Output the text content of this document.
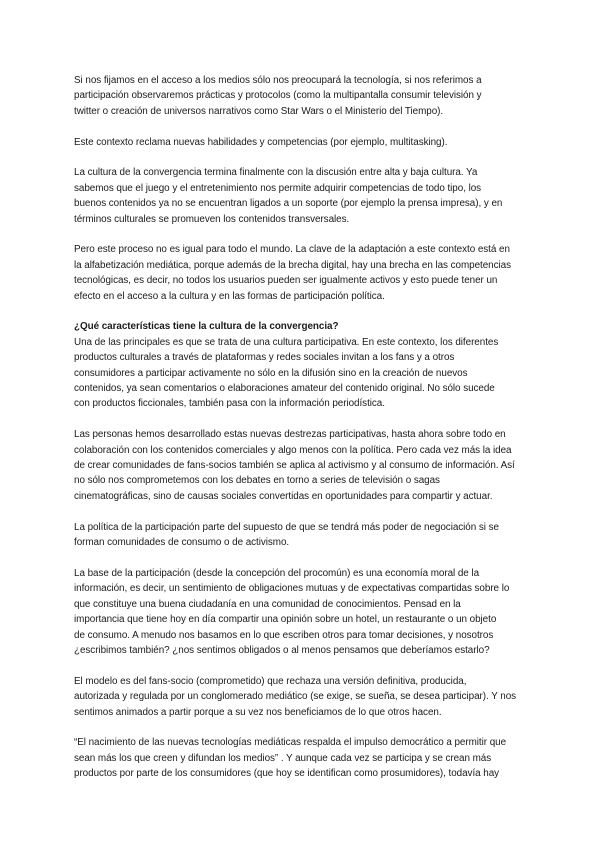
Si nos fijamos en el acceso a los medios sólo nos preocupará la tecnología, si nos referimos a
participación observaremos prácticas y protocolos (como la multipantalla consumir televisión y
twitter o creación de universos narrativos como Star Wars o el Ministerio del Tiempo).

Este contexto reclama nuevas habilidades y competencias (por ejemplo, multitasking).

La cultura de la convergencia termina finalmente con la discusión entre alta y baja cultura. Ya
sabemos que el juego y el entretenimiento nos permite adquirir competencias de todo tipo, los
buenos contenidos ya no se encuentran ligados a un soporte (por ejemplo la prensa impresa), y en
términos culturales se promueven los contenidos transversales.

Pero este proceso no es igual para todo el mundo. La clave de la adaptación a este contexto está en
la alfabetización mediática, porque además de la brecha digital, hay una brecha en las competencias
tecnológicas, es decir, no todos los usuarios pueden ser igualmente activos y esto puede tener un
efecto en el acceso a la cultura y en las formas de participación política.

¿Qué características tiene la cultura de la convergencia?
Una de las principales es que se trata de una cultura participativa. En este contexto, los diferentes
productos culturales a través de plataformas y redes sociales invitan a los fans y a otros
consumidores a participar activamente no sólo en la difusión sino en la creación de nuevos
contenidos, ya sean comentarios o elaboraciones amateur del contenido original. No sólo sucede
con productos ficcionales, también pasa con la información periodística.

Las personas hemos desarrollado estas nuevas destrezas participativas, hasta ahora sobre todo en
colaboración con los contenidos comerciales y algo menos con la política. Pero cada vez más la idea
de crear comunidades de fans-socios también se aplica al activismo y al consumo de información. Así
no sólo nos comprometemos con los debates en torno a series de televisión o sagas
cinematográficas, sino de causas sociales convertidas en oportunidades para compartir y actuar.

La política de la participación parte del supuesto de que se tendrá más poder de negociación si se
forman comunidades de consumo o de activismo.

La base de la participación (desde la concepción del procomún) es una economía moral de la
información, es decir, un sentimiento de obligaciones mutuas y de expectativas compartidas sobre lo
que constituye una buena ciudadanía en una comunidad de conocimientos. Pensad en la
importancia que tiene hoy en día compartir una opinión sobre un hotel, un restaurante o un objeto
de consumo. A menudo nos basamos en lo que escriben otros para tomar decisiones, y nosotros
¿escribimos también? ¿nos sentimos obligados o al menos pensamos que deberíamos estarlo?

El modelo es del fans-socio (comprometido) que rechaza una versión definitiva, producida,
autorizada y regulada por un conglomerado mediático (se exige, se sueña, se desea participar). Y nos
sentimos animados a partir porque a su vez nos beneficiamos de lo que otros hacen.

“El nacimiento de las nuevas tecnologías mediáticas respalda el impulso democrático a permitir que
sean más los que creen y difundan los medios” . Y aunque cada vez se participa y se crean más
productos por parte de los consumidores (que hoy se identifican como prosumidores), todavía hay
